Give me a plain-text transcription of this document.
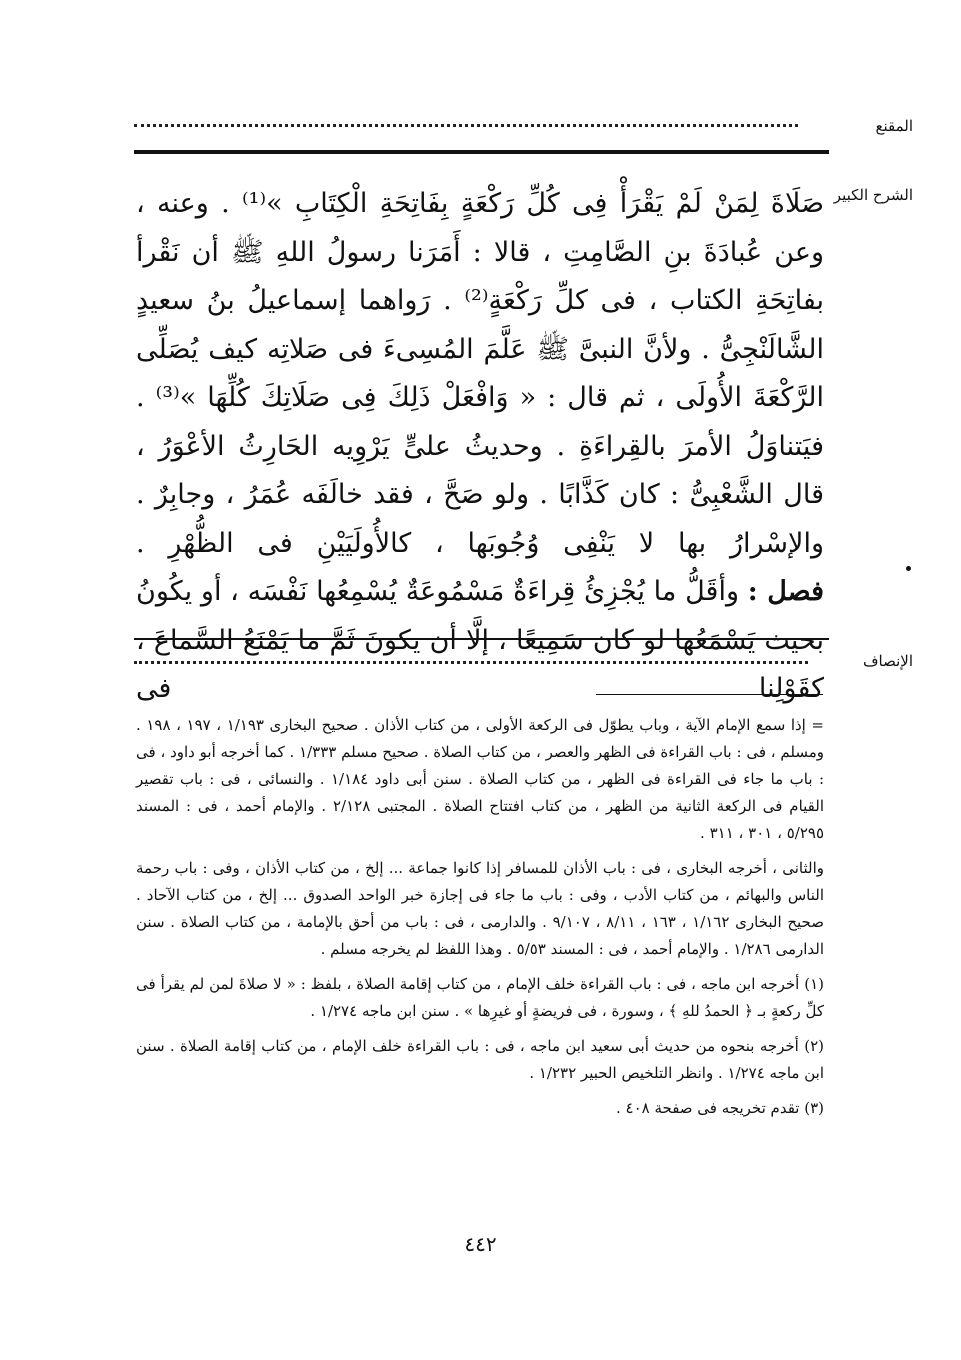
المقنع
الشرح الكبير
الإنصاف

صَلَاةَ لِمَنْ لَمْ يَقْرَأْ فِى كُلِّ رَكْعَةٍ بِفَاتِحَةِ الْكِتَابِ »⁽¹⁾ . وعنه ، وعن عُبادَةَ بنِ الصَّامِتِ ، قالا : أَمَرَنا رسولُ اللهِ ﷺ أن نَقْرأ بفاتِحَةِ الكتاب ، فى كلِّ رَكْعَةٍ⁽²⁾ . رَواهما إسماعيلُ بنُ سعيدٍ الشَّالَنْجِىُّ . ولأنَّ النبىَّ ﷺ عَلَّمَ المُسِىءَ فى صَلاتِه كيف يُصَلِّى الرَّكْعَةَ الأُولَى ، ثم قال : « وَافْعَلْ ذَلِكَ فِى صَلَاتِكَ كُلِّهَا »⁽³⁾ . فيَتناوَلُ الأمرَ بالقِراءَةِ . وحديثُ علىٍّ يَرْوِيه الحَارِثُ الأعْوَرُ ، قال الشَّعْبِىُّ : كان كَذَّابًا . ولو صَحَّ ، فقد خالَفَه عُمَرُ ، وجابِرٌ . والإسْرارُ بها لا يَنْفِى وُجُوبَها ، كالأُولَيَيْنِ فى الظُّهْرِ .

فصل : وأقَلُّ ما يُجْزِئُ قِراءَةٌ مَسْمُوعَةٌ يُسْمِعُها نَفْسَه ، أو يكُونُ بحيث يَسْمَعُها لو كان سَمِيعًا ، إلَّا أن يكونَ ثَمَّ ما يَمْنَعُ السَّماعَ ، كقَوْلِنا فى

= إذا سمع الإمام الآية ، وباب يطوّل فى الركعة الأولى ، من كتاب الأذان . صحيح البخارى ١/١٩٣ ، ١٩٧ ، ١٩٨ . ومسلم ، فى : باب القراءة فى الظهر والعصر ، من كتاب الصلاة . صحيح مسلم ١/٣٣٣ . كما أخرجه أبو داود ، فى : باب ما جاء فى القراءة فى الظهر ، من كتاب الصلاة . سنن أبى داود ١/١٨٤ . والنسائى ، فى : باب تقصير القيام فى الركعة الثانية من الظهر ، من كتاب افتتاح الصلاة . المجتبى ٢/١٢٨ . والإمام أحمد ، فى : المسند ٥/٢٩٥ ، ٣٠١ ، ٣١١ .

والثانى ، أخرجه البخارى ، فى : باب الأذان للمسافر إذا كانوا جماعة ... إلخ ، من كتاب الأذان ، وفى : باب رحمة الناس والبهائم ، من كتاب الأدب ، وفى : باب ما جاء فى إجازة خبر الواحد الصدوق ... إلخ ، من كتاب الآحاد . صحيح البخارى ١/١٦٢ ، ١٦٣ ، ٨/١١ ، ٩/١٠٧ . والدارمى ، فى : باب من أحق بالإمامة ، من كتاب الصلاة . سنن الدارمى ١/٢٨٦ . والإمام أحمد ، فى : المسند ٥/٥٣ . وهذا اللفظ لم يخرجه مسلم .

(١) أخرجه ابن ماجه ، فى : باب القراءة خلف الإمام ، من كتاب إقامة الصلاة ، بلفظ : « لا صلاةَ لمن لم يقرأ فى كلِّ ركعةٍ بـ ﴿ الحمدُ للهِ ﴾ ، وسورة ، فى فريضةٍ أو غيرِها » . سنن ابن ماجه ١/٢٧٤ .

(٢) أخرجه بنحوه من حديث أبى سعيد ابن ماجه ، فى : باب القراءة خلف الإمام ، من كتاب إقامة الصلاة . سنن ابن ماجه ١/٢٧٤ . وانظر التلخيص الحبير ١/٢٣٢ .

(٣) تقدم تخريجه فى صفحة ٤٠٨ .

٤٤٢
